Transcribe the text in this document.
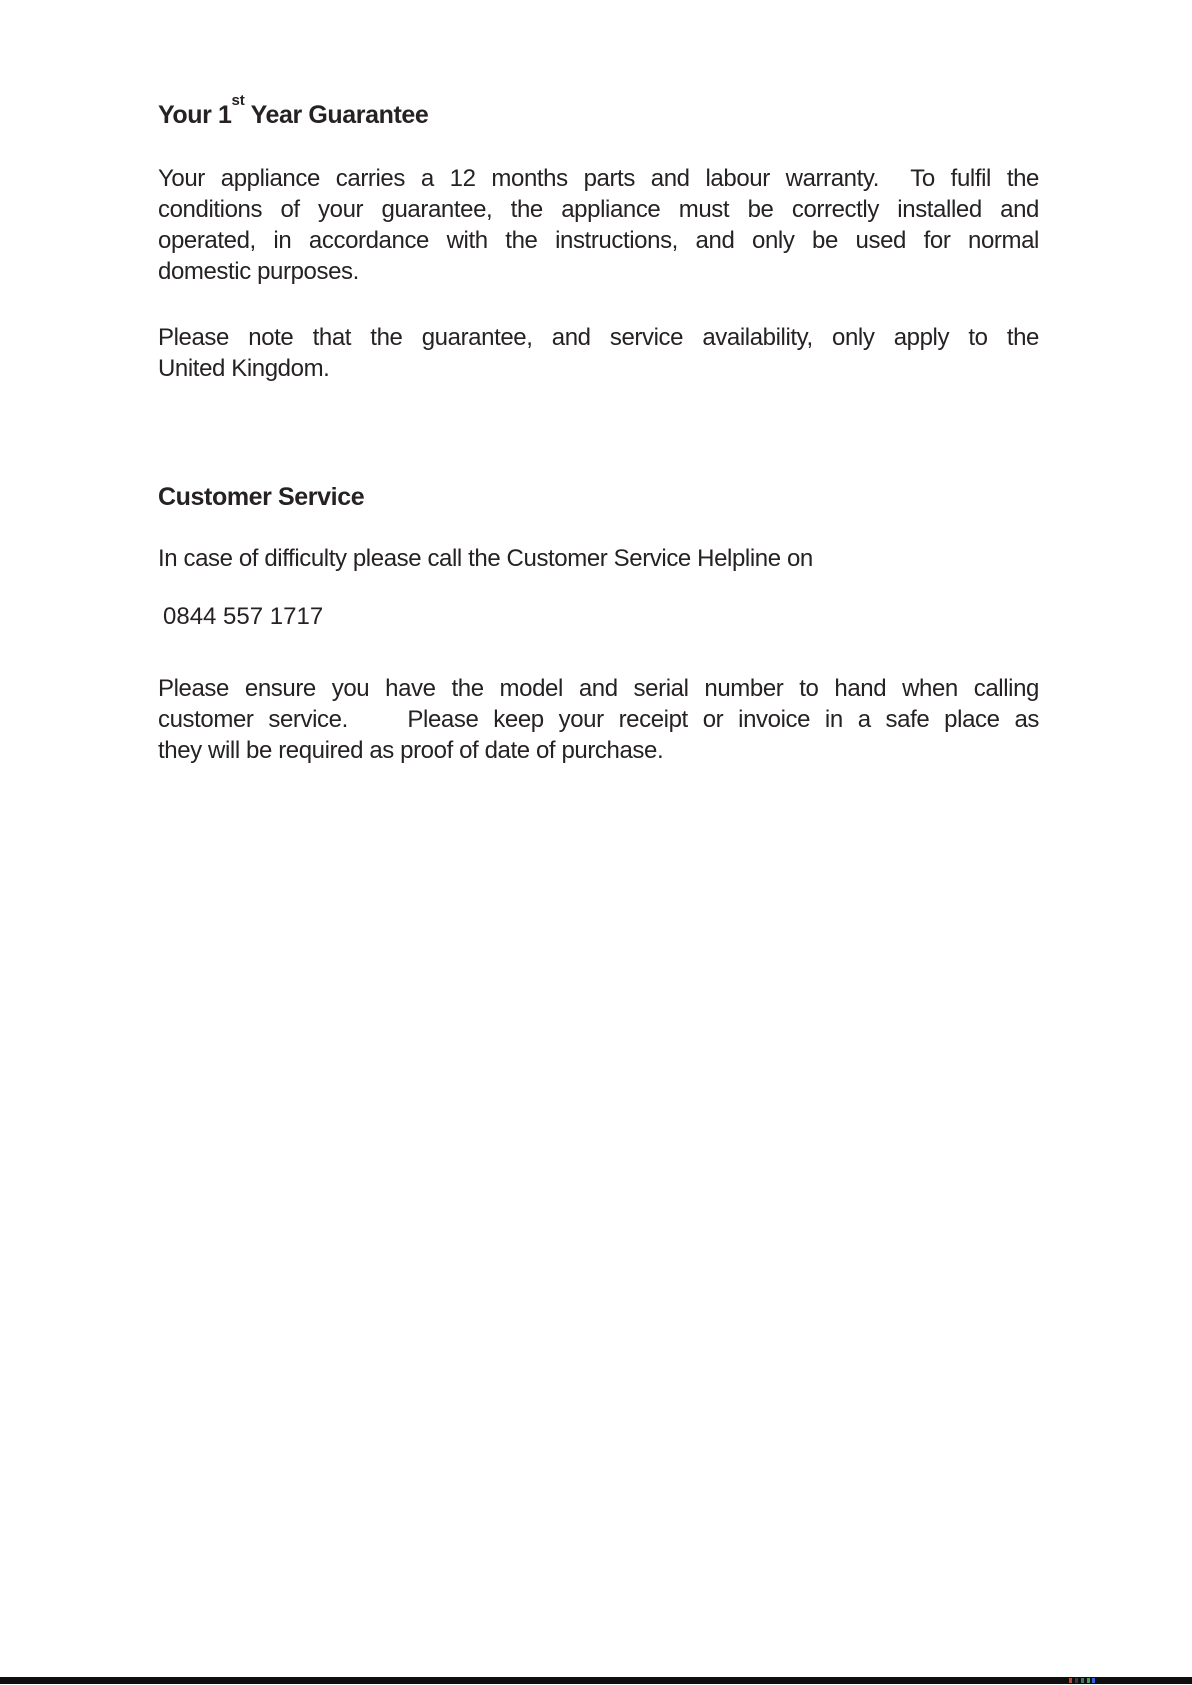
Your 1st Year Guarantee
Your appliance carries a 12 months parts and labour warranty.  To fulfil the
conditions of your guarantee, the appliance must be correctly installed and
operated, in accordance with the instructions, and only be used for normal
domestic purposes.
Please note that the guarantee, and service availability, only apply to the
United Kingdom.
Customer Service
In case of difficulty please call the Customer Service Helpline on
0844 557 1717
Please ensure you have the model and serial number to hand when calling
customer service.    Please keep your receipt or invoice in a safe place as
they will be required as proof of date of purchase.
